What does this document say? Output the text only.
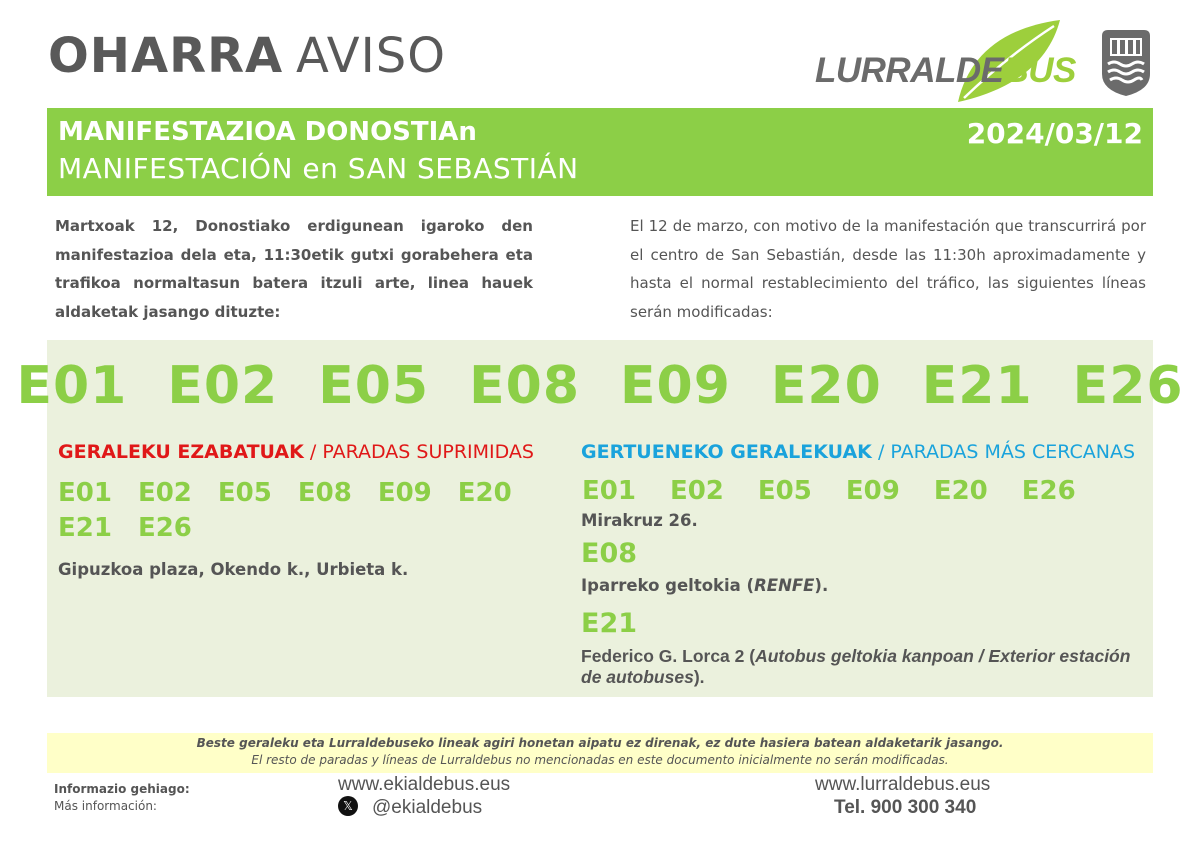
OHARRA AVISO	LURRALDEBUS
MANIFESTAZIOA DONOSTIAn
MANIFESTACIÓN en SAN SEBASTIÁN
2024/03/12

Martxoak 12, Donostiako erdigunean igaroko den manifestazioa dela eta, 11:30etik gutxi gorabehera eta trafikoa normaltasun batera itzuli arte, linea hauek aldaketak jasango dituzte:

El 12 de marzo, con motivo de la manifestación que transcurrirá por el centro de San Sebastián, desde las 11:30h aproximadamente y hasta el normal restablecimiento del tráfico, las siguientes líneas serán modificadas:

E01 E02 E05 E08 E09 E20 E21 E26
GERALEKU EZABATUAK / PARADAS SUPRIMIDAS
E01 E02 E05 E08 E09 E20
E21 E26
Gipuzkoa plaza, Okendo k., Urbieta k.
GERTUENEKO GERALEKUAK / PARADAS MÁS CERCANAS
E01 E02 E05 E09 E20 E26
Mirakruz 26.
E08
Iparreko geltokia (RENFE).
E21
Federico G. Lorca 2 (Autobus geltokia kanpoan / Exterior estación de autobuses).
Beste geraleku eta Lurraldebuseko lineak agiri honetan aipatu ez direnak, ez dute hasiera batean aldaketarik jasango.
El resto de paradas y líneas de Lurraldebus no mencionadas en este documento inicialmente no serán modificadas.
Informazio gehiago:
Más información:
www.ekialdebus.eus
𝕏 @ekialdebus
www.lurraldebus.eus
Tel. 900 300 340
